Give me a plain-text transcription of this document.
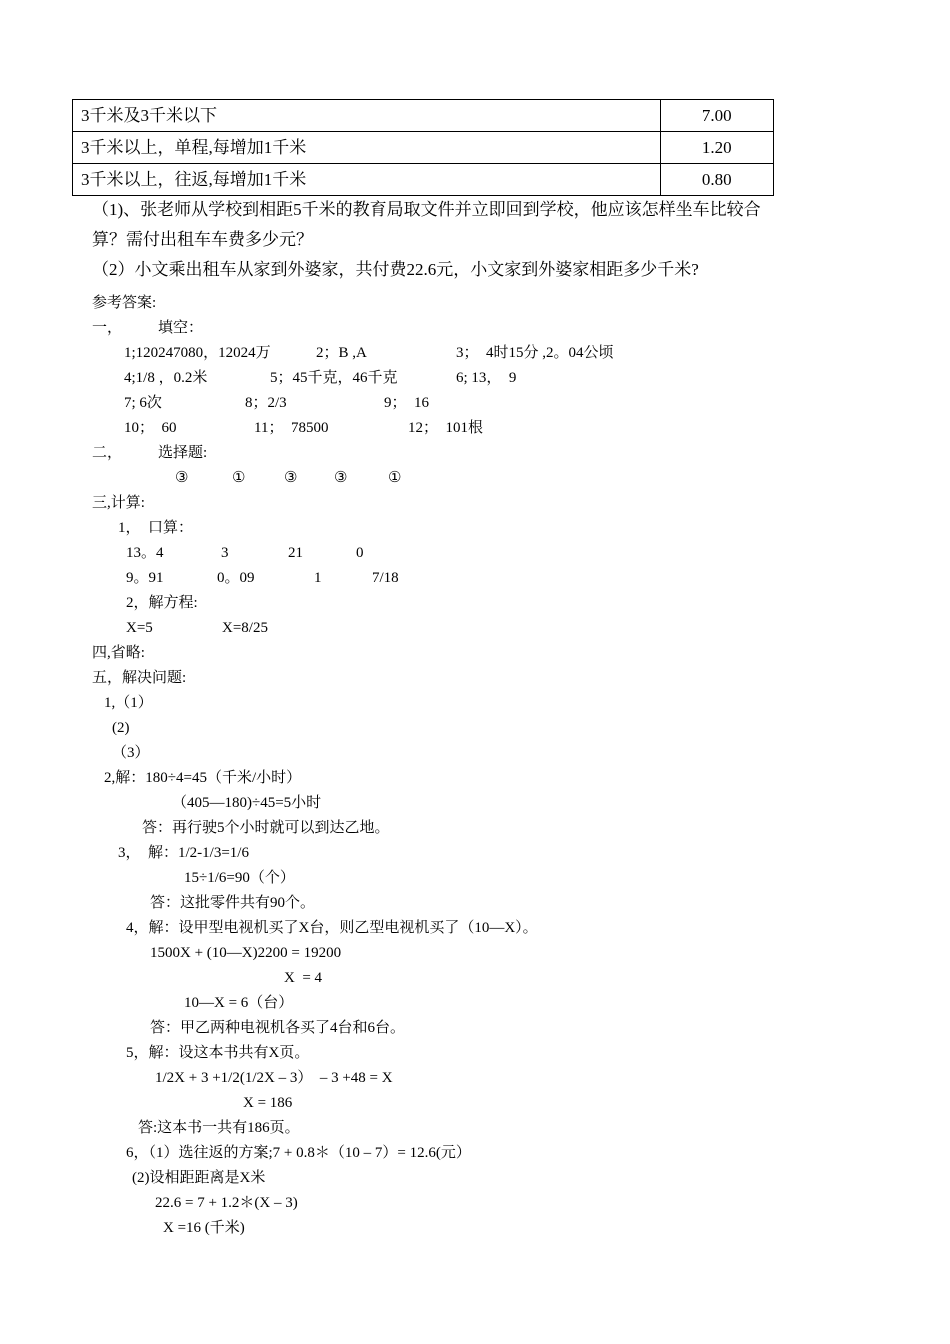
3千米及3千米以下	7.00
3千米以上，单程,每增加1千米	1.20
3千米以上，往返,每增加1千米	0.80
（1)、张老师从学校到相距5千米的教育局取文件并立即回到学校，他应该怎样坐车比较合
算？需付出租车车费多少元？
（2）小文乘出租车从家到外婆家，共付费22.6元，小文家到外婆家相距多少千米?
参考答案:
一， 填空：
1;120247080，12024万	2；B ,A	3；  4时15分 ,2。04公顷
4;1/8 ，0.2米	5；45千克，46千克	6; 13，  9
7; 6次	8；2/3	9；  16
10；  60	11；  78500	12；  101根
二， 选择题:
③	①	③ ③	①
三,计算:
1，  口算：
13。4	3	21	0
9。91	0。09	1	7/18
2，解方程:
X=5	X=8/25
四,省略:
五，解决问题:
1,（1）
(2)
（3）
2,解：180÷4=45（千米/小时）
（405—180)÷45=5小时
答：再行驶5个小时就可以到达乙地。
3，  解：1/2-1/3=1/6
15÷1/6=90（个）
答：这批零件共有90个。
4，解：设甲型电视机买了X台，则乙型电视机买了（10—X）。
1500X + (10—X)2200 = 19200
X  = 4
10—X = 6（台）
答：甲乙两种电视机各买了4台和6台。
5，解：设这本书共有X页。
1/2X + 3 +1/2(1/2X – 3）  – 3 +48 = X
X = 186
答:这本书一共有186页。
6，（1）选往返的方案;7 + 0.8＊（10 – 7）= 12.6(元）
(2)设相距距离是X米
22.6 = 7 + 1.2＊(X – 3)
X =16 (千米)
